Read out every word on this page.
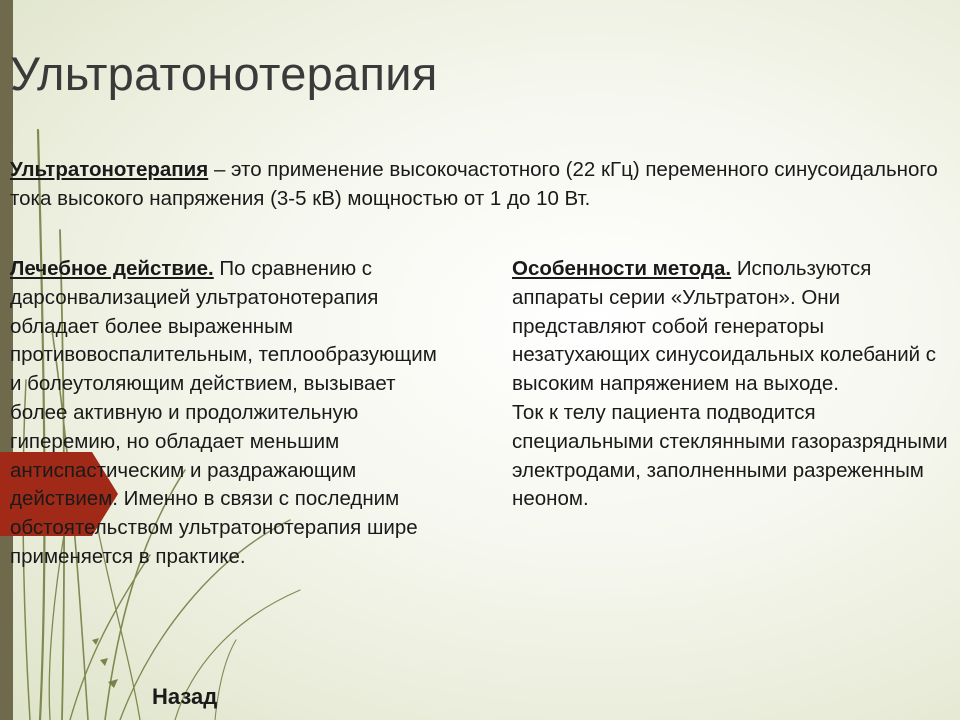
Ультратонотерапия

Ультратонотерапия – это применение высокочастотного (22 кГц) переменного синусоидального тока высокого напряжения (3-5 кВ) мощностью от 1 до 10 Вт.

Лечебное действие. По сравнению с дарсонвализацией ультратонотерапия обладает более выраженным противовоспалительным, теплообразующим и болеутоляющим действием, вызывает более активную и продолжительную гиперемию, но обладает меньшим антиспастическим и раздражающим действием. Именно в связи с последним обстоятельством ультратонотерапия шире применяется в практике.

Особенности метода. Используются аппараты серии «Ультратон». Они представляют собой генераторы незатухающих синусоидальных колебаний с высоким напряжением на выходе.
Ток к телу пациента подводится специальными стеклянными газоразрядными электродами, заполненными разреженным неоном.

Назад
